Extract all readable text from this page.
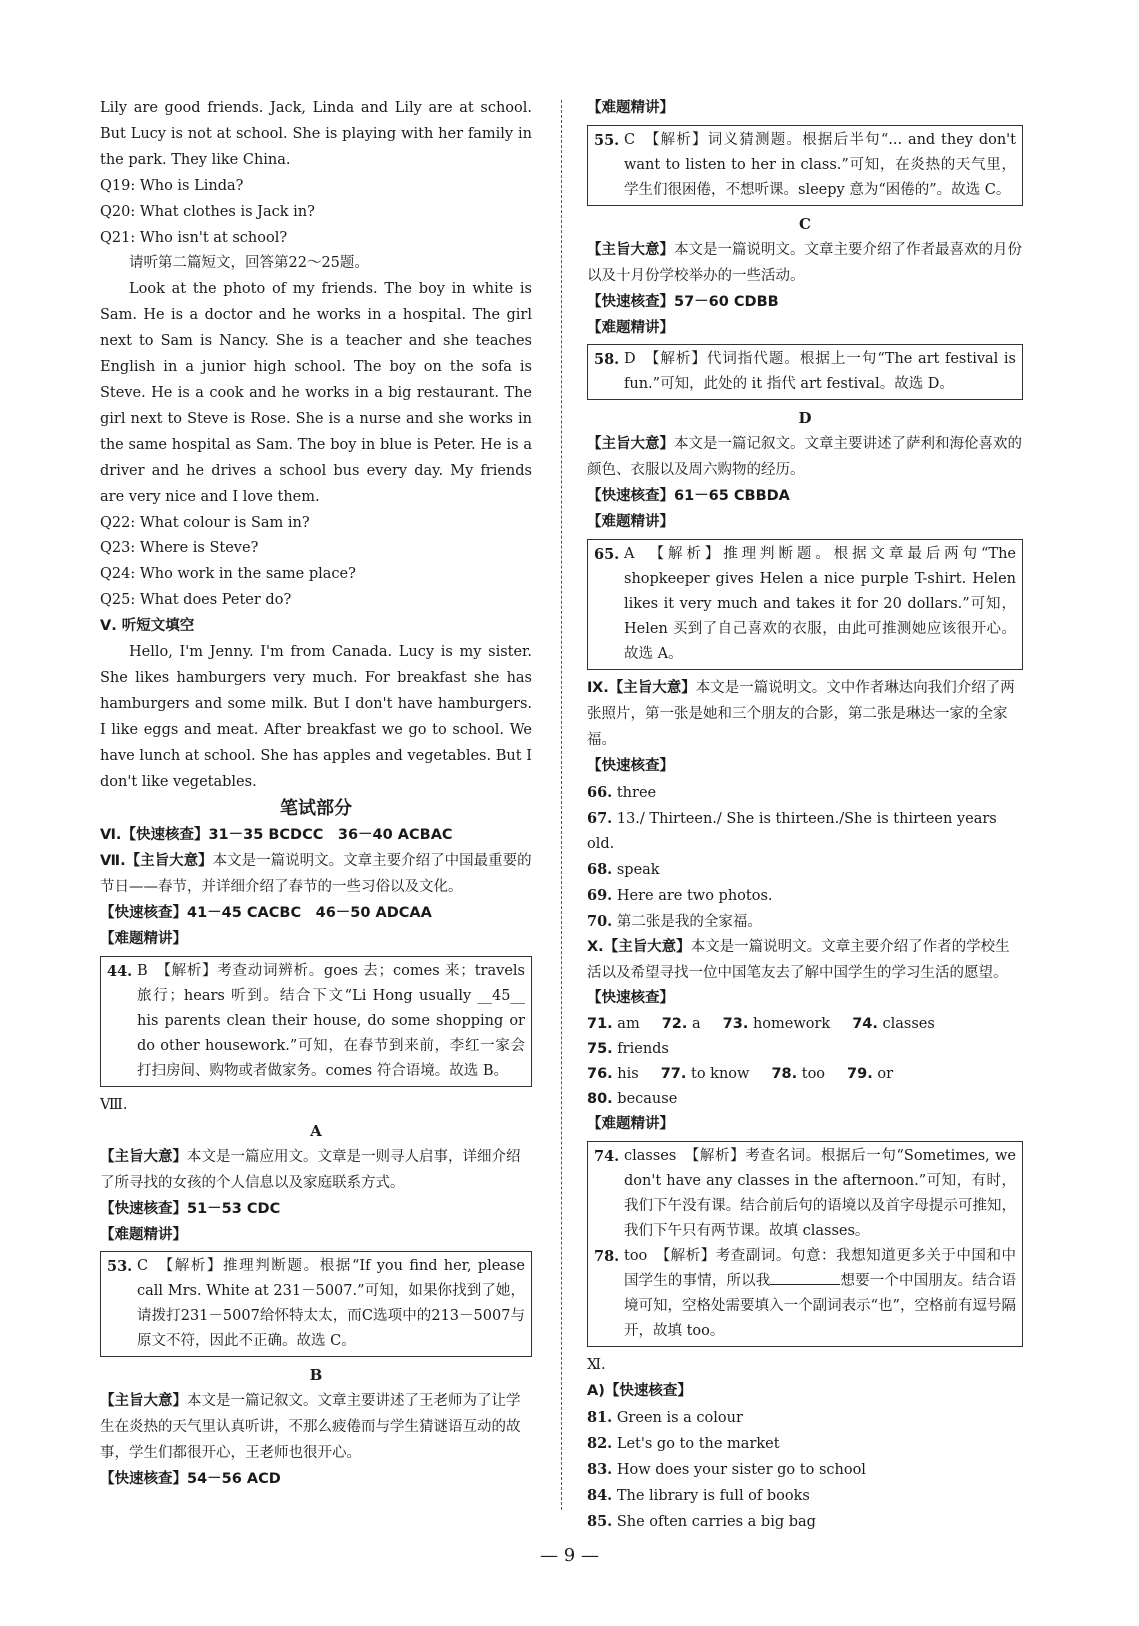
Lily are good friends. Jack, Linda and Lily are at school. But Lucy is not at school. She is playing with her family in the park. They like China.

Q19: Who is Linda?

Q20: What clothes is Jack in?

Q21: Who isn't at school?

请听第二篇短文，回答第22～25题。

Look at the photo of my friends. The boy in white is Sam. He is a doctor and he works in a hospital. The girl next to Sam is Nancy. She is a teacher and she teaches English in a junior high school. The boy on the sofa is Steve. He is a cook and he works in a big restaurant. The girl next to Steve is Rose. She is a nurse and she works in the same hospital as Sam. The boy in blue is Peter. He is a driver and he drives a school bus every day. My friends are very nice and I love them.

Q22: What colour is Sam in?

Q23: Where is Steve?

Q24: Who work in the same place?

Q25: What does Peter do?

Ⅴ. 听短文填空

Hello, I'm Jenny. I'm from Canada. Lucy is my sister. She likes hamburgers very much. For breakfast she has hamburgers and some milk. But I don't have hamburgers. I like eggs and meat. After breakfast we go to school. We have lunch at school. She has apples and vegetables. But I don't like vegetables.

笔试部分

Ⅵ.【快速核查】31－35 BCDCC　36－40 ACBAC

Ⅶ.【主旨大意】本文是一篇说明文。文章主要介绍了中国最重要的节日——春节，并详细介绍了春节的一些习俗以及文化。

【快速核查】41－45 CACBC　46－50 ADCAA

【难题精讲】

44. B　【解析】考查动词辨析。goes 去；comes 来；travels 旅行；hears 听到。结合下文“Li Hong usually __45__ his parents clean their house, do some shopping or do other housework.”可知，在春节到来前，李红一家会打扫房间、购物或者做家务。comes 符合语境。故选 B。

Ⅷ.

A

【主旨大意】本文是一篇应用文。文章是一则寻人启事，详细介绍了所寻找的女孩的个人信息以及家庭联系方式。

【快速核查】51－53 CDC

【难题精讲】

53. C　【解析】推理判断题。根据“If you find her, please call Mrs. White at 231－5007.”可知，如果你找到了她，请拨打231－5007给怀特太太，而C选项中的213－5007与原文不符，因此不正确。故选 C。

B

【主旨大意】本文是一篇记叙文。文章主要讲述了王老师为了让学生在炎热的天气里认真听讲，不那么疲倦而与学生猜谜语互动的故事，学生们都很开心，王老师也很开心。

【快速核查】54－56 ACD

【难题精讲】

55. C　【解析】词义猜测题。根据后半句“... and they don't want to listen to her in class.”可知，在炎热的天气里，学生们很困倦，不想听课。sleepy 意为“困倦的”。故选 C。

C

【主旨大意】本文是一篇说明文。文章主要介绍了作者最喜欢的月份以及十月份学校举办的一些活动。

【快速核查】57－60 CDBB

【难题精讲】

58. D　【解析】代词指代题。根据上一句“The art festival is fun.”可知，此处的 it 指代 art festival。故选 D。

D

【主旨大意】本文是一篇记叙文。文章主要讲述了萨利和海伦喜欢的颜色、衣服以及周六购物的经历。

【快速核查】61－65 CBBDA

【难题精讲】

65. A　【解析】推理判断题。根据文章最后两句“The shopkeeper gives Helen a nice purple T-shirt. Helen likes it very much and takes it for 20 dollars.”可知，Helen 买到了自己喜欢的衣服，由此可推测她应该很开心。故选 A。

Ⅸ.【主旨大意】本文是一篇说明文。文中作者琳达向我们介绍了两张照片，第一张是她和三个朋友的合影，第二张是琳达一家的全家福。

【快速核查】

66. three

67. 13./ Thirteen./ She is thirteen./She is thirteen years old.

68. speak

69. Here are two photos.

70. 第二张是我的全家福。

Ⅹ.【主旨大意】本文是一篇说明文。文章主要介绍了作者的学校生活以及希望寻找一位中国笔友去了解中国学生的学习生活的愿望。

【快速核查】

71. am 72. a 73. homework 74. classes
75. friends
76. his 77. to know 78. too 79. or
80. because

【难题精讲】

74. classes　【解析】考查名词。根据后一句“Sometimes, we don't have any classes in the afternoon.”可知，有时，我们下午没有课。结合前后句的语境以及首字母提示可推知，我们下午只有两节课。故填 classes。
78. too　【解析】考查副词。句意：我想知道更多关于中国和中国学生的事情，所以我	想要一个中国朋友。结合语境可知，空格处需要填入一个副词表示“也”，空格前有逗号隔开，故填 too。

Ⅺ.

A)【快速核查】

81. Green is a colour

82. Let's go to the market

83. How does your sister go to school

84. The library is full of books

85. She often carries a big bag

— 9 —
